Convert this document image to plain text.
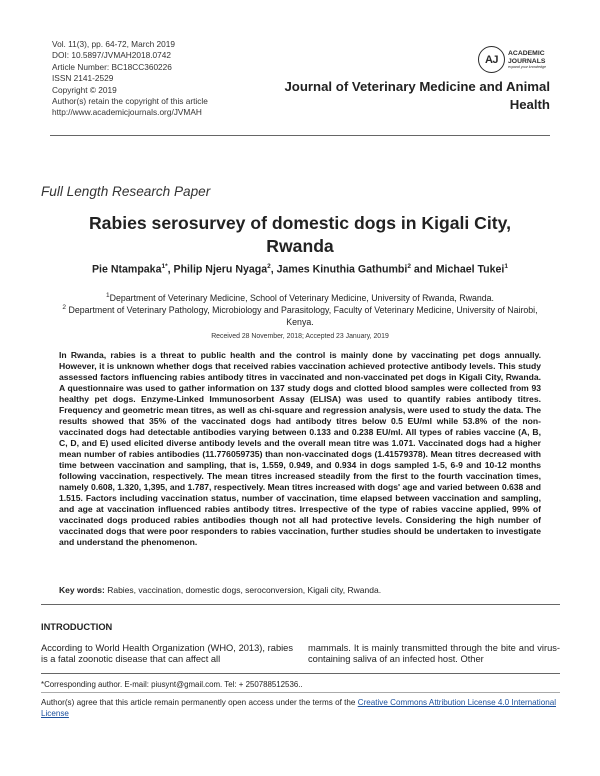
Vol. 11(3), pp. 64-72, March 2019
DOI: 10.5897/JVMAH2018.0742
Article Number: BC18CC360226
ISSN 2141-2529
Copyright © 2019
Author(s) retain the copyright of this article
http://www.academicjournals.org/JVMAH
AJ	ACADEMIC
JOURNALS
expand your knowledge
Journal of Veterinary Medicine and Animal Health
Full Length Research Paper
Rabies serosurvey of domestic dogs in Kigali City, Rwanda
Pie Ntampaka$^{1*}$, Philip Njeru Nyaga$^2$, James Kinuthia Gathumbi$^2$ and Michael Tukei$^1$
$^1$Department of Veterinary Medicine, School of Veterinary Medicine, University of Rwanda, Rwanda.
$^2$ Department of Veterinary Pathology, Microbiology and Parasitology, Faculty of Veterinary Medicine, University of Nairobi, Kenya.
Received 28 November, 2018; Accepted 23 January, 2019
In Rwanda, rabies is a threat to public health and the control is mainly done by vaccinating pet dogs annually. However, it is unknown whether dogs that received rabies vaccination achieved protective antibody levels. This study assessed factors influencing rabies antibody titres in vaccinated and non-vaccinated pet dogs in Kigali City, Rwanda. A questionnaire was used to gather information on 137 study dogs and clotted blood samples were collected from 93 healthy pet dogs. Enzyme-Linked Immunosorbent Assay (ELISA) was used to quantify rabies antibody titres. Frequency and geometric mean titres, as well as chi-square and regression analysis, were used to study the data. The results showed that 35% of the vaccinated dogs had antibody titres below 0.5 EU/ml while 53.8% of the non-vaccinated dogs had detectable antibodies varying between 0.133 and 0.238 EU/ml. All types of rabies vaccine (A, B, C, D, and E) used elicited diverse antibody levels and the overall mean titre was 1.071. Vaccinated dogs had a higher mean number of rabies antibodies (11.776059735) than non-vaccinated dogs (1.41579378). Mean titres decreased with time between vaccination and sampling, that is, 1.559, 0.949, and 0.934 in dogs sampled 1-5, 6-9 and 10-12 months following vaccination, respectively. The mean titres increased steadily from the first to the fourth vaccination times, namely 0.608, 1.320, 1,395, and 1.787, respectively. Mean titres increased with dogs' age and varied between 0.638 and 1.515. Factors including vaccination status, number of vaccination, time elapsed between vaccination and sampling, and age at vaccination influenced rabies antibody titres. Irrespective of the type of rabies vaccine applied, 99% of vaccinated dogs produced rabies antibodies though not all had protective levels. Considering the high number of vaccinated dogs that were poor responders to rabies vaccination, further studies should be undertaken to investigate and understand the phenomenon.
Key words: Rabies, vaccination, domestic dogs, seroconversion, Kigali city, Rwanda.
INTRODUCTION
According to World Health Organization (WHO, 2013), rabies is a fatal zoonotic disease that can affect all
mammals. It is mainly transmitted through the bite and virus-containing saliva of an infected host. Other
*Corresponding author. E-mail: piusynt@gmail.com. Tel: + 250788512536..
Author(s) agree that this article remain permanently open access under the terms of the Creative Commons Attribution License 4.0 International License
